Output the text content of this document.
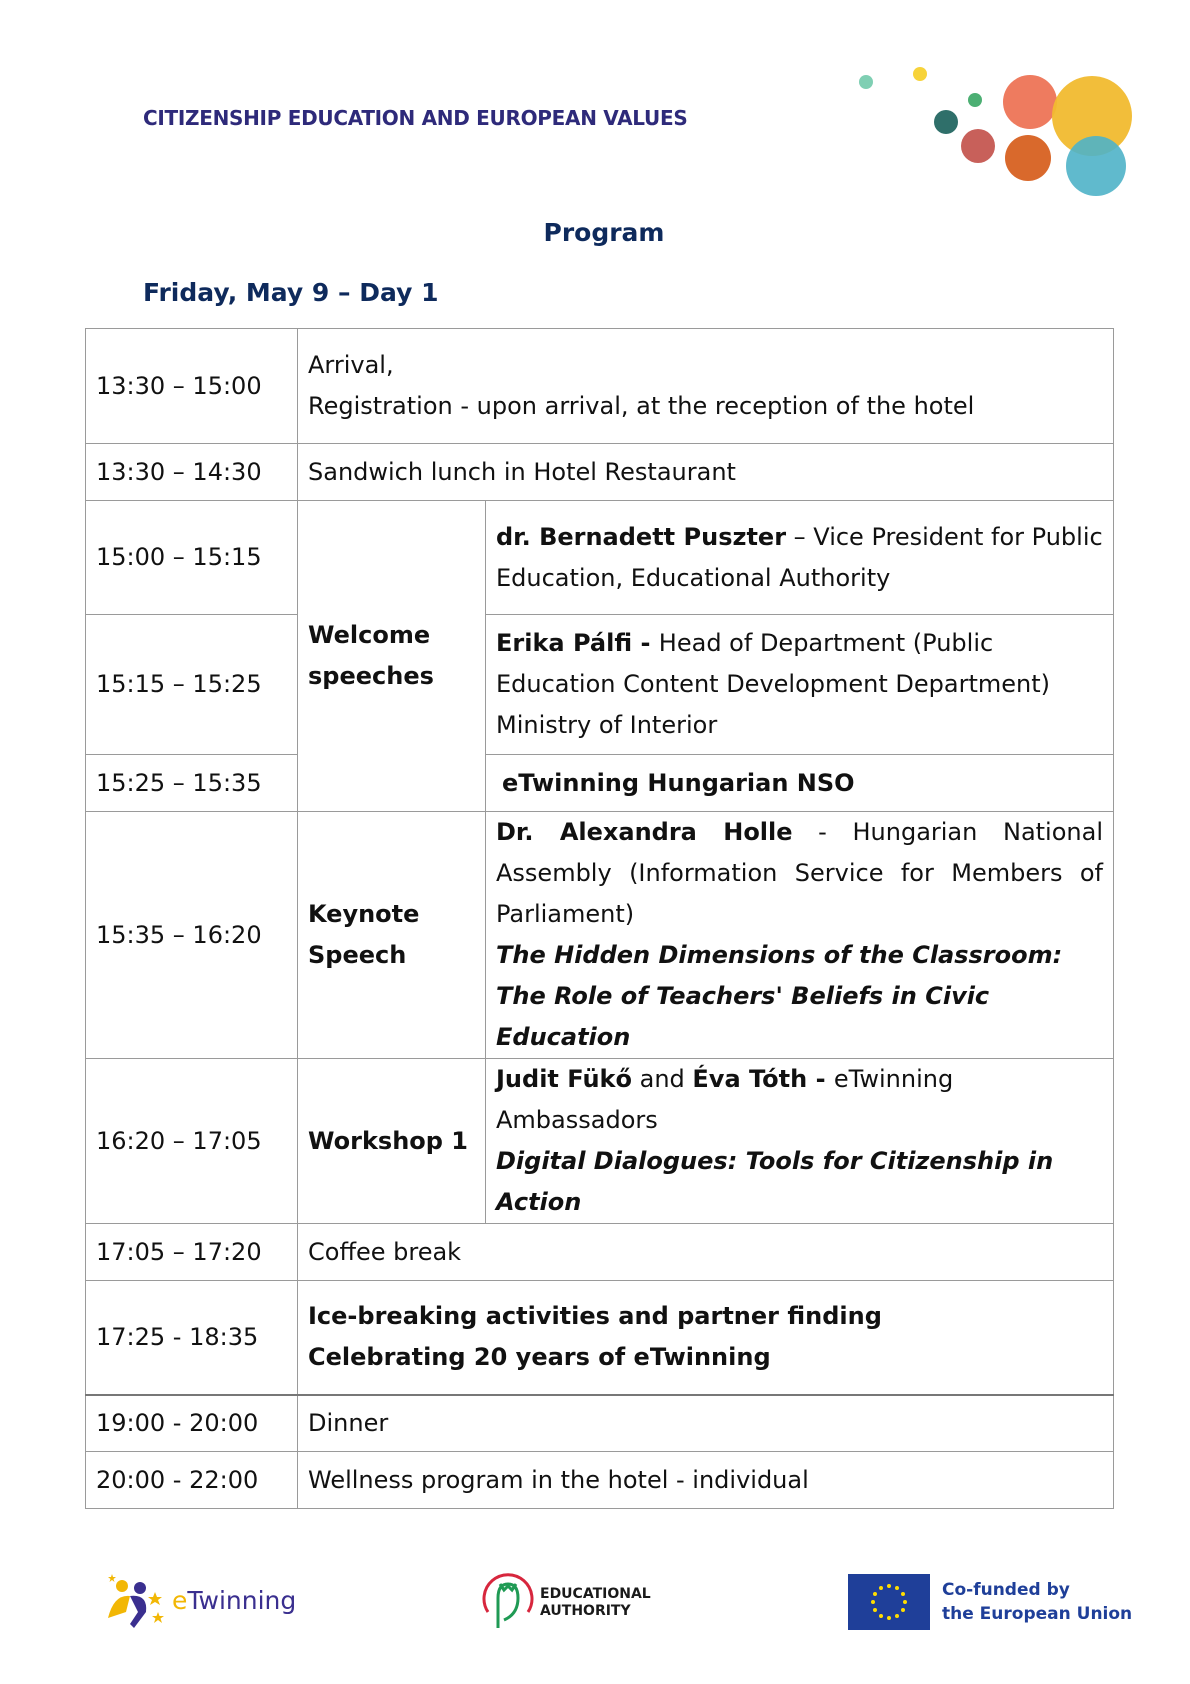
CITIZENSHIP EDUCATION AND EUROPEAN VALUES
Program
Friday, May 9 – Day 1
13:30 – 15:00	Arrival,
Registration - upon arrival, at the reception of the hotel	

13:30 – 14:30	Sandwich lunch in Hotel Restaurant	
15:00 – 15:15	Welcome speeches	dr. Bernadett Puszter – Vice President for Public Education, Educational Authority
15:15 – 15:25		Erika Pálfi - Head of Department (Public Education Content Development Department) Ministry of Interior
15:25 – 15:35		eTwinning Hungarian NSO
15:35 – 16:20	Keynote Speech	Dr. Alexandra Holle - Hungarian National Assembly (Information Service for Members of Parliament)
The Hidden Dimensions of the Classroom: The Role of Teachers' Beliefs in Civic Education

16:20 – 17:05	Workshop 1	Judit Fükő and Éva Tóth - eTwinning Ambassadors
Digital Dialogues: Tools for Citizenship in Action

17:05 – 17:20	Coffee break	
17:25 - 18:35	Ice-breaking activities and partner finding
Celebrating 20 years of eTwinning	

19:00 - 20:00	Dinner	
20:00 - 22:00	Wellness program in the hotel - individual	
eTwinning	EDUCATIONAL
AUTHORITY
Co-funded by
the European Union
